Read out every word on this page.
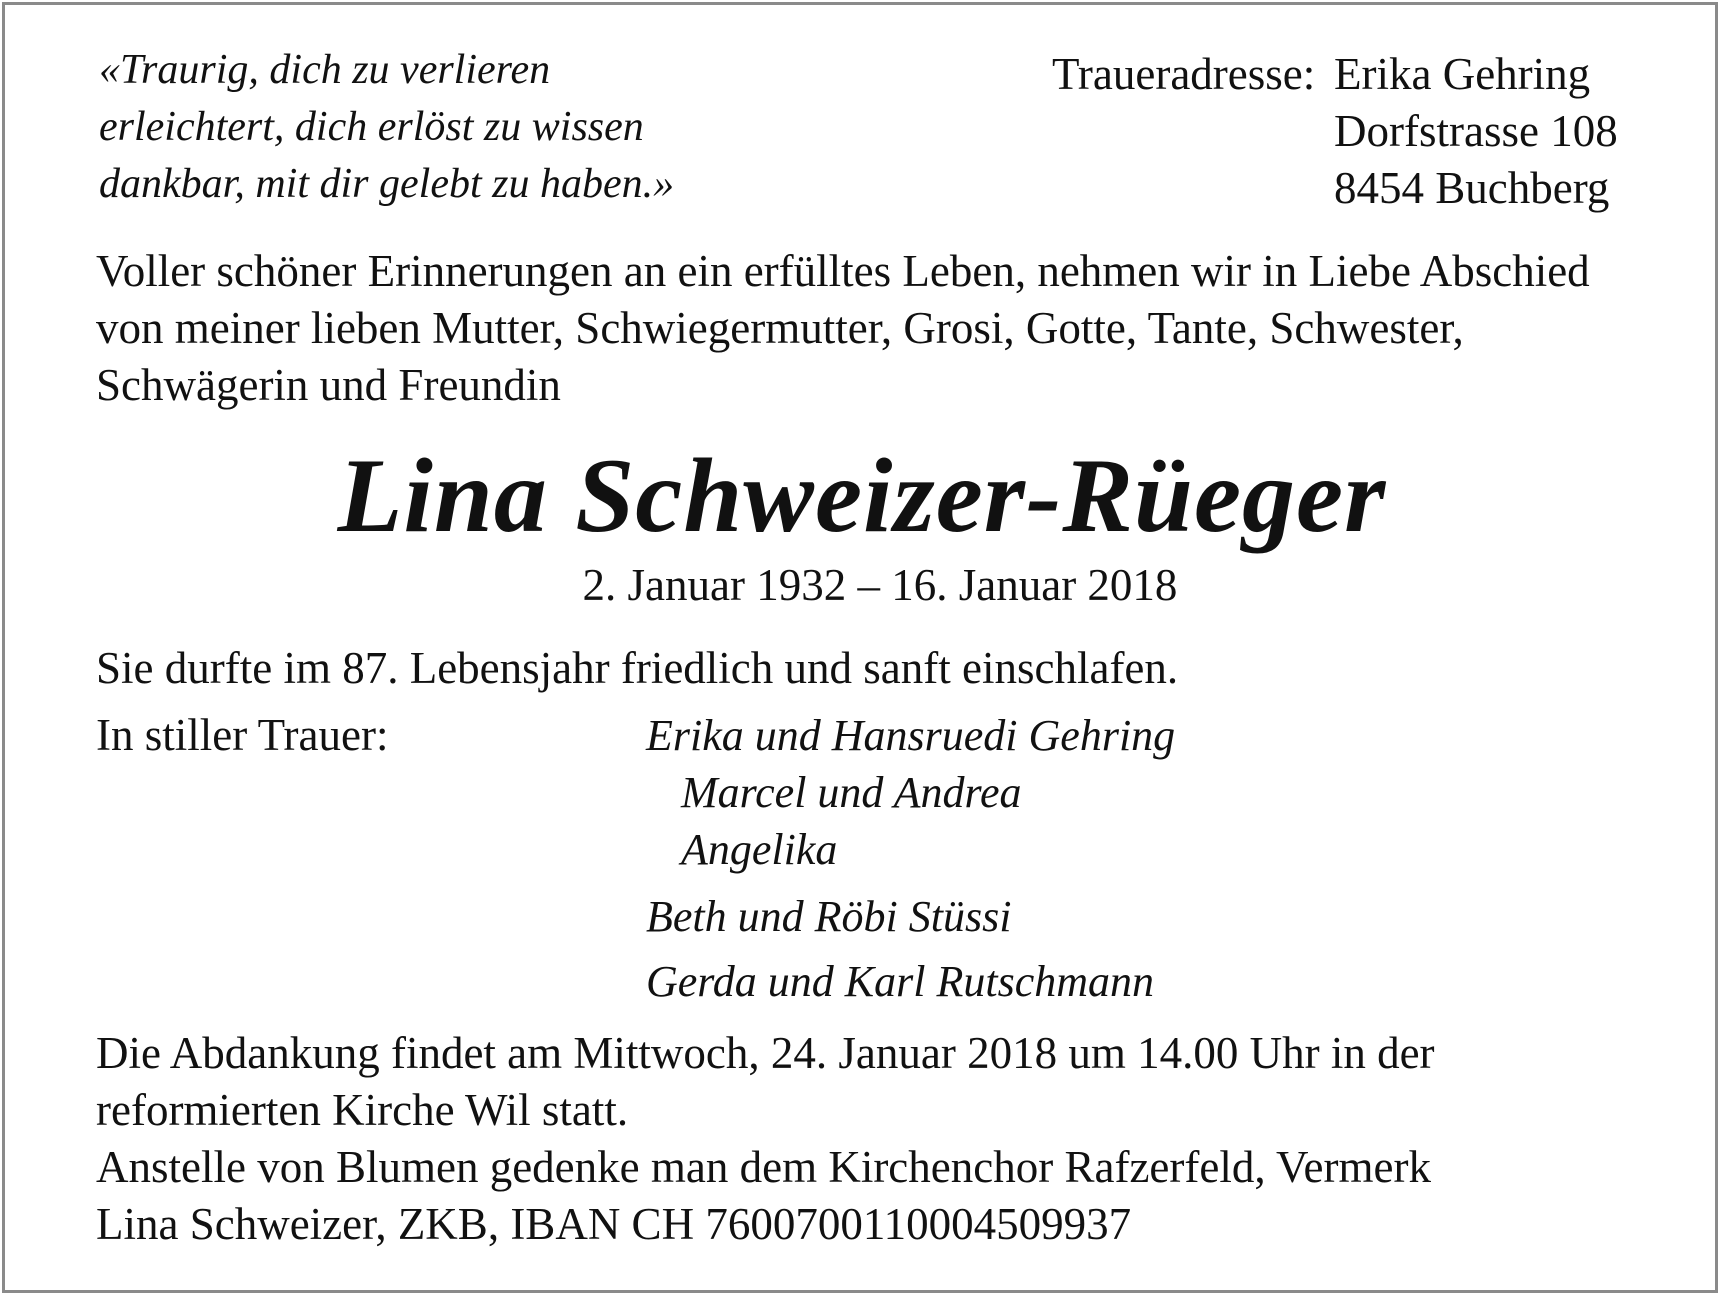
«Traurig, dich zu verlieren
erleichtert, dich erlöst zu wissen
dankbar, mit dir gelebt zu haben.»
Traueradresse: Erika Gehring
Dorfstrasse 108
8454 Buchberg
Voller schöner Erinnerungen an ein erfülltes Leben, nehmen wir in Liebe Abschied
von meiner lieben Mutter, Schwiegermutter, Grosi, Gotte, Tante, Schwester,
Schwägerin und Freundin
Lina Schweizer-Rüeger
2. Januar 1932 – 16. Januar 2018
Sie durfte im 87. Lebensjahr friedlich und sanft einschlafen.
In stiller Trauer:	Erika und Hansruedi Gehring
Marcel und Andrea
Angelika
Beth und Röbi Stüssi
Gerda und Karl Rutschmann
Die Abdankung findet am Mittwoch, 24. Januar 2018 um 14.00 Uhr in der
reformierten Kirche Wil statt.
Anstelle von Blumen gedenke man dem Kirchenchor Rafzerfeld, Vermerk
Lina Schweizer, ZKB, IBAN CH 7600700110004509937
